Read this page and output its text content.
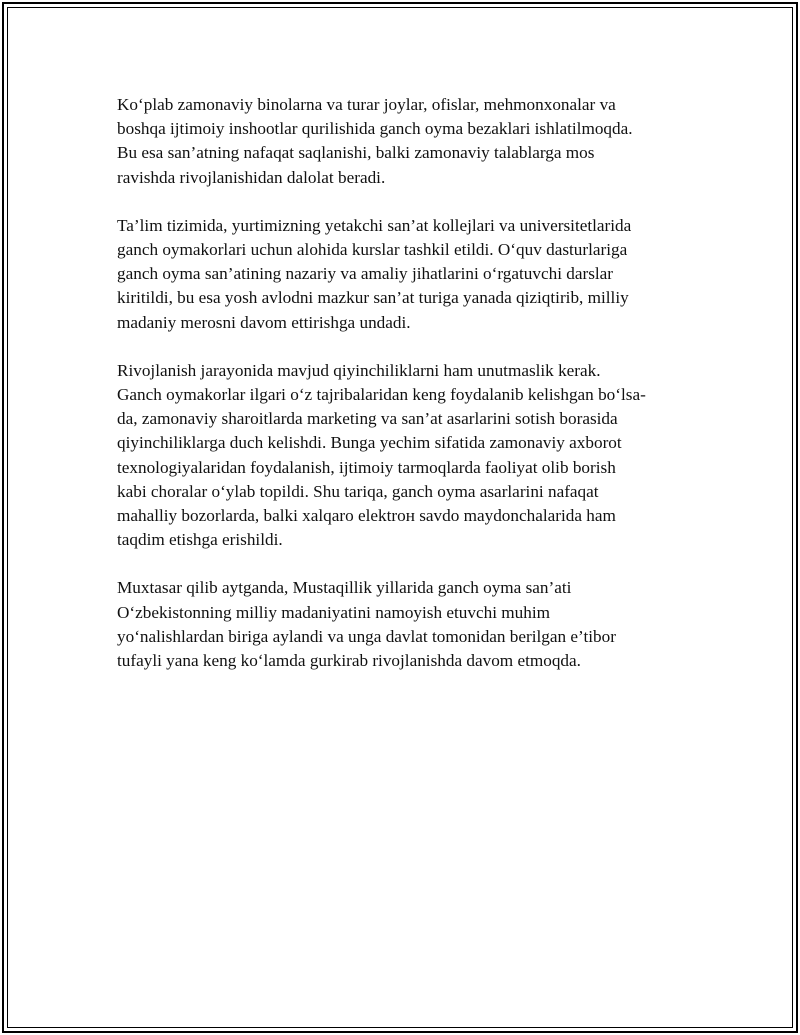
Koʻplab zamonaviy binolarna va turar joylar, ofislar, mehmonxonalar va
boshqa ijtimoiy inshootlar qurilishida ganch oyma bezaklari ishlatilmoqda.
Bu esa san’atning nafaqat saqlanishi, balki zamonaviy talablarga mos
ravishda rivojlanishidan dalolat beradi.

Ta’lim tizimida, yurtimizning yetakchi san’at kollejlari va universitetlarida
ganch oymakorlari uchun alohida kurslar tashkil etildi. Oʻquv dasturlariga
ganch oyma san’atining nazariy va amaliy jihatlarini oʻrgatuvchi darslar
kiritildi, bu esa yosh avlodni mazkur san’at turiga yanada qiziqtirib, milliy
madaniy merosni davom ettirishga undadi.

Rivojlanish jarayonida mavjud qiyinchiliklarni ham unutmaslik kerak.
Ganch oymakorlar ilgari oʻz tajribalaridan keng foydalanib kelishgan boʻlsa-
da, zamonaviy sharoitlarda marketing va san’at asarlarini sotish borasida
qiyinchiliklarga duch kelishdi. Bunga yechim sifatida zamonaviy axborot
texnologiyalaridan foydalanish, ijtimoiy tarmoqlarda faoliyat olib borish
kabi choralar oʻylab topildi. Shu tariqa, ganch oyma asarlarini nafaqat
mahalliy bozorlarda, balki xalqaro elektroн savdo maydonchalarida ham
taqdim etishga erishildi.

Muxtasar qilib aytganda, Mustaqillik yillarida ganch oyma san’ati
Oʻzbekistonning milliy madaniyatini namoyish etuvchi muhim
yoʻnalishlardan biriga aylandi va unga davlat tomonidan berilgan e’tibor
tufayli yana keng koʻlamda gurkirab rivojlanishda davom etmoqda.
